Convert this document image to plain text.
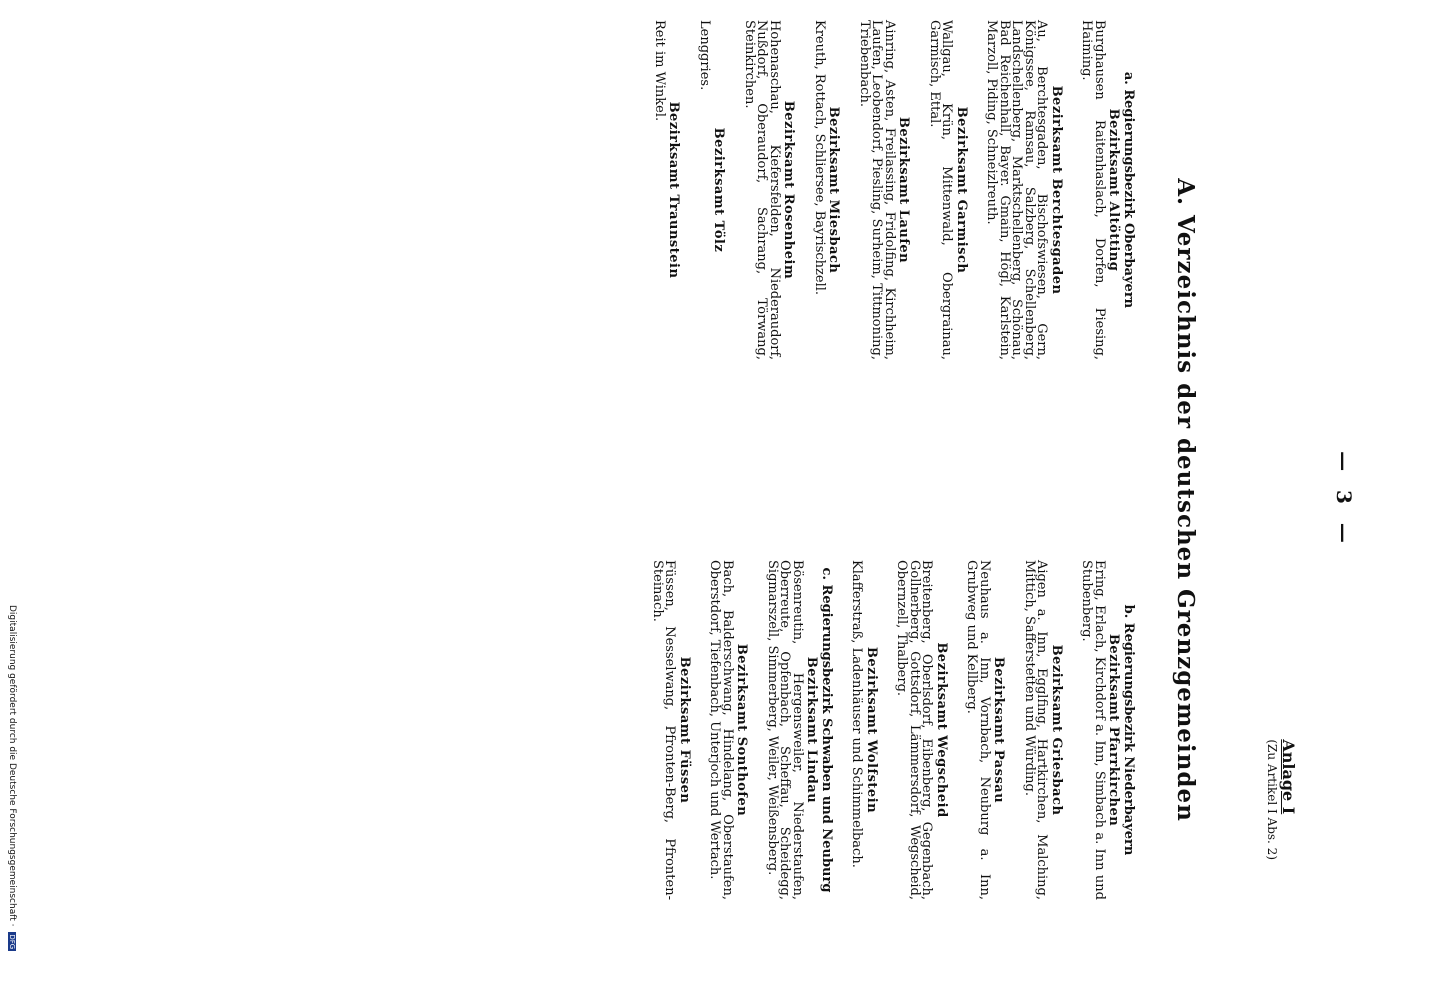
— 3 —
Anlage I
(Zu Artikel I Abs. 2)
A. Verzeichnis der deutschen Grenzgemeinden
a. Regierungsbezirk Oberbayern
Bezirksamt Altötting

Burghausen Raitenhaslach, Dorfen, Piesing, Haiming.

Bezirksamt Berchtesgaden

Au, Berchtesgaden, Bischofswiesen, Gern, Königssee, Ramsau, Salzberg, Schellenberg, Landschellenberg, Marktschellenberg, Schönau, Bad Reichenhall, Bayer. Gmain, Högl, Karlstein, Marzoll, Piding, Schneizlreuth.

Bezirksamt Garmisch

Wallgau, Krün, Mittenwald, Obergrainau, Garmisch, Ettal.

Bezirksamt Laufen

Ainring, Asten, Freilassing, Fridolfing, Kirchheim, Laufen, Leobendorf, Piesling, Surheim, Tittmoning, Triebenbach.

Bezirksamt Miesbach

Kreuth, Rottach, Schliersee, Bayrischzell.

Bezirksamt Rosenheim

Hohenaschau, Kiefersfelden, Niederaudorf, Nußdorf, Oberaudorf, Sachrang, Törwang, Steinkirchen.

Bezirksamt Tölz

Lenggries.

Bezirksamt Traunstein

Reit im Winkel.

b. Regierungsbezirk Niederbayern
Bezirksamt Pfarrkirchen

Ering, Erlach, Kirchdorf a. Inn, Simbach a. Inn und Stubenberg.

Bezirksamt Griesbach

Aigen a. Inn, Egglfing, Hartkirchen, Malching, Mittich, Safferstetten und Würding.

Bezirksamt Passau

Neuhaus a. Inn, Vornbach, Neuburg a. Inn, Grubweg und Kellberg.

Bezirksamt Wegscheid

Breitenberg, Oberlsdorf, Eibenberg, Gegenbach, Gollnerberg, Gottsdorf, Lämmersdorf, Wegscheid, Obernzell, Thalberg.

Bezirksamt Wolfstein

Klafferstraß, Ladenhäuser und Schimmelbach.

c. Regierungsbezirk Schwaben und Neuburg
Bezirksamt Lindau

Bösenreutin, Hergensweiler, Niederstaufen, Oberreute, Opfenbach, Scheffau, Scheidegg, Sigmarszell, Simmerberg, Weiler, Weißensberg.

Bezirksamt Sonthofen

Bach, Balderschwang, Hindelang, Oberstaufen, Oberstdorf, Tiefenbach, Unterjoch und Wertach.

Bezirksamt Füssen

Füssen, Nesselwang, Pfronten-Berg, Pfronten-Steinach.

Digitalisierung gefördert durch die Deutsche Forschungsgemeinschaft · DFG
